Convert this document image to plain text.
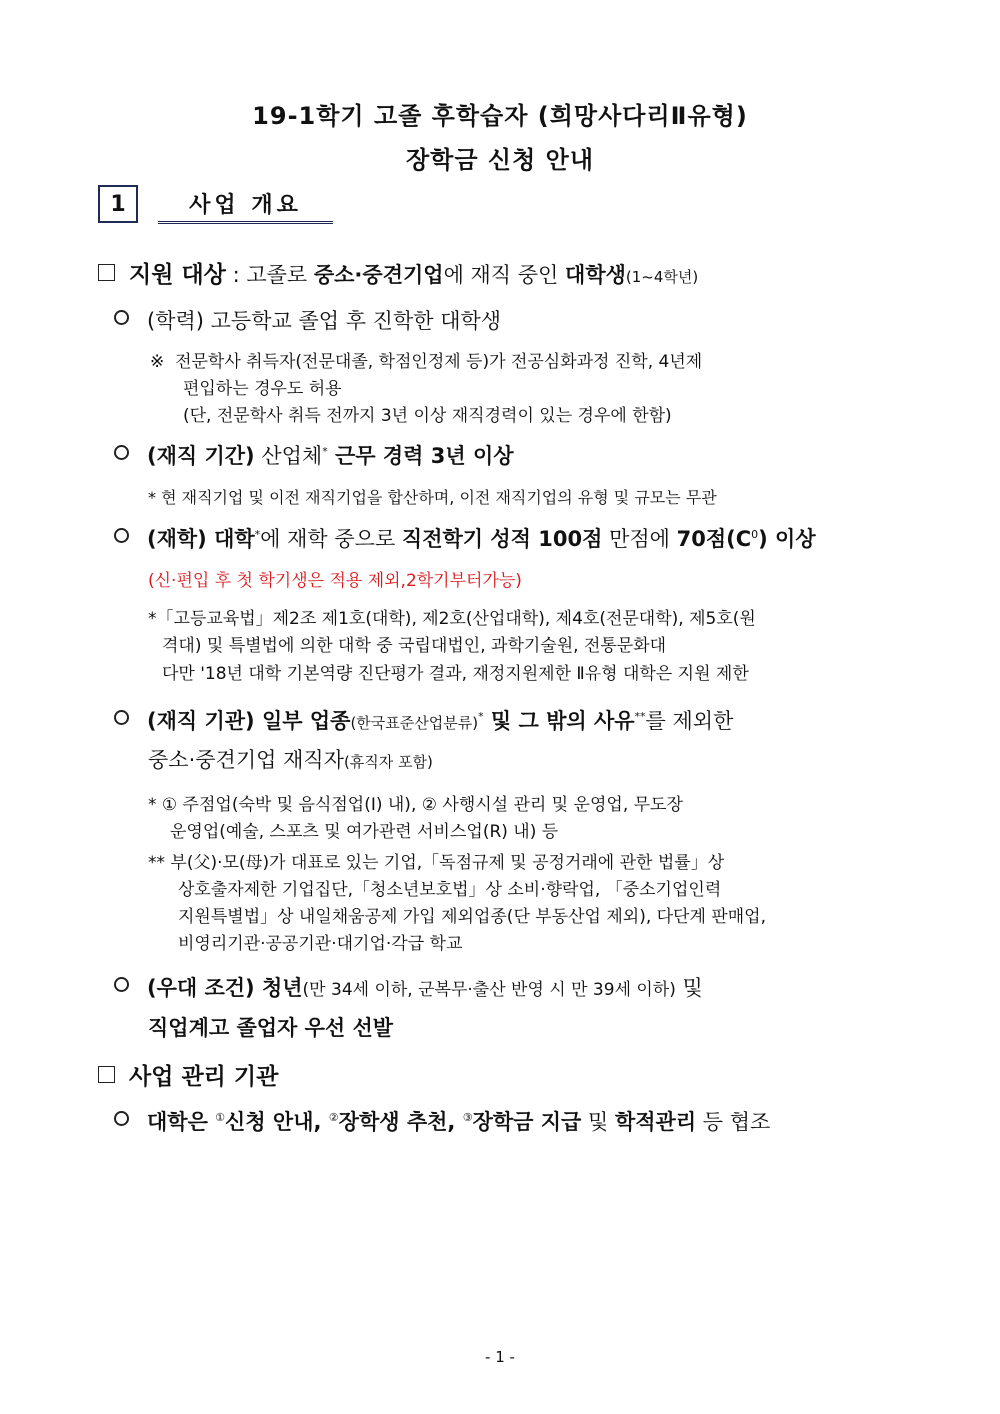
19-1학기 고졸 후학습자 (희망사다리Ⅱ유형)
장학금 신청 안내
1	사업 개요
지원 대상 : 고졸로 중소·중견기업에 재직 중인 대학생(1~4학년)
(학력) 고등학교 졸업 후 진학한 대학생
※ 전문학사 취득자(전문대졸, 학점인정제 등)가 전공심화과정 진학, 4년제
편입하는 경우도 허용
(단, 전문학사 취득 전까지 3년 이상 재직경력이 있는 경우에 한함)
(재직 기간) 산업체* 근무 경력 3년 이상
* 현 재직기업 및 이전 재직기업을 합산하며, 이전 재직기업의 유형 및 규모는 무관
(재학) 대학*에 재학 중으로 직전학기 성적 100점 만점에 70점$(C^0)$ 이상
(신·편입 후 첫 학기생은 적용 제외,2학기부터가능)
*「고등교육법」제2조 제1호(대학), 제2호(산업대학), 제4호(전문대학), 제5호(원
격대) 및 특별법에 의한 대학 중 국립대법인, 과학기술원, 전통문화대
다만 '18년 대학 기본역량 진단평가 결과, 재정지원제한 Ⅱ유형 대학은 지원 제한
(재직 기관) 일부 업종(한국표준산업분류)* 및 그 밖의 사유**를 제외한
중소·중견기업 재직자(휴직자 포함)
* ① 주점업(숙박 및 음식점업(I) 내), ② 사행시설 관리 및 운영업, 무도장
운영업(예술, 스포츠 및 여가관련 서비스업(R) 내) 등
** 부(父)·모(母)가 대표로 있는 기업,「독점규제 및 공정거래에 관한 법률」상
상호출자제한 기업집단,「청소년보호법」상 소비·향락업, 「중소기업인력
지원특별법」상 내일채움공제 가입 제외업종(단 부동산업 제외), 다단계 판매업,
비영리기관·공공기관·대기업·각급 학교
(우대 조건) 청년(만 34세 이하, 군복무·출산 반영 시 만 39세 이하) 및
직업계고 졸업자 우선 선발
사업 관리 기관
대학은 ①신청 안내, ②장학생 추천, ③장학금 지급 및 학적관리 등 협조
- 1 -
